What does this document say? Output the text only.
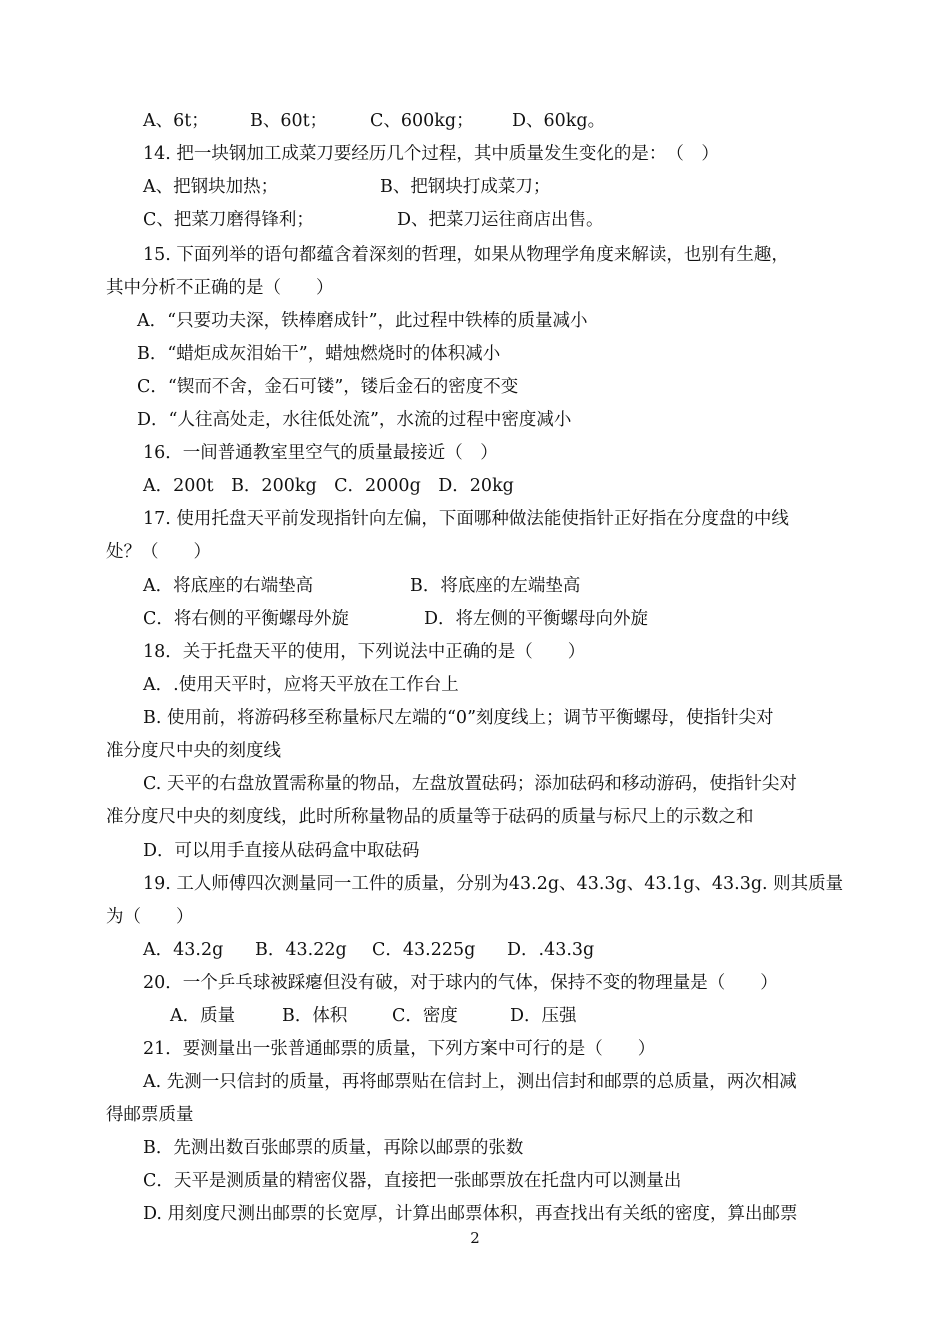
A、6t； B、60t； C、600kg； D、60kg。
14. 把一块钢加工成菜刀要经历几个过程，其中质量发生变化的是：　（　）
A、把钢块加热；	B、把钢块打成菜刀；
C、把菜刀磨得锋利；	D、把菜刀运往商店出售。
15. 下面列举的语句都蕴含着深刻的哲理，如果从物理学角度来解读，也别有生趣，
其中分析不正确的是（　　）
A．“只要功夫深，铁棒磨成针”，此过程中铁棒的质量减小
B．“蜡炬成灰泪始干”，蜡烛燃烧时的体积减小
C．“锲而不舍，金石可镂”，镂后金石的密度不变
D．“人往高处走，水往低处流”，水流的过程中密度减小
16．一间普通教室里空气的质量最接近（　）
A．200t　B．200kg　C．2000g　D．20kg
17. 使用托盘天平前发现指针向左偏，下面哪种做法能使指针正好指在分度盘的中线
处？（　　）
A．将底座的右端垫高	B．将底座的左端垫高
C．将右侧的平衡螺母外旋	D．将左侧的平衡螺母向外旋
18．关于托盘天平的使用，下列说法中正确的是（　　）
A．.使用天平时，应将天平放在工作台上
B. 使用前，将游码移至称量标尺左端的“0”刻度线上；调节平衡螺母，使指针尖对
准分度尺中央的刻度线
C. 天平的右盘放置需称量的物品，左盘放置砝码；添加砝码和移动游码，使指针尖对
准分度尺中央的刻度线，此时所称量物品的质量等于砝码的质量与标尺上的示数之和
D．可以用手直接从砝码盒中取砝码
19. 工人师傅四次测量同一工件的质量，分别为43.2g、43.3g、43.1g、43.3g. 则其质量
为（　　）
A．43.2g B．43.22g C．43.225g D．.43.3g
20．一个乒乓球被踩瘪但没有破，对于球内的气体，保持不变的物理量是（　　）
A．质量	B．体积	C．密度	D．压强
21．要测量出一张普通邮票的质量，下列方案中可行的是（　　）
A. 先测一只信封的质量，再将邮票贴在信封上，测出信封和邮票的总质量，两次相减
得邮票质量
B．先测出数百张邮票的质量，再除以邮票的张数
C．天平是测质量的精密仪器，直接把一张邮票放在托盘内可以测量出
D. 用刻度尺测出邮票的长宽厚，计算出邮票体积，再查找出有关纸的密度，算出邮票
2
